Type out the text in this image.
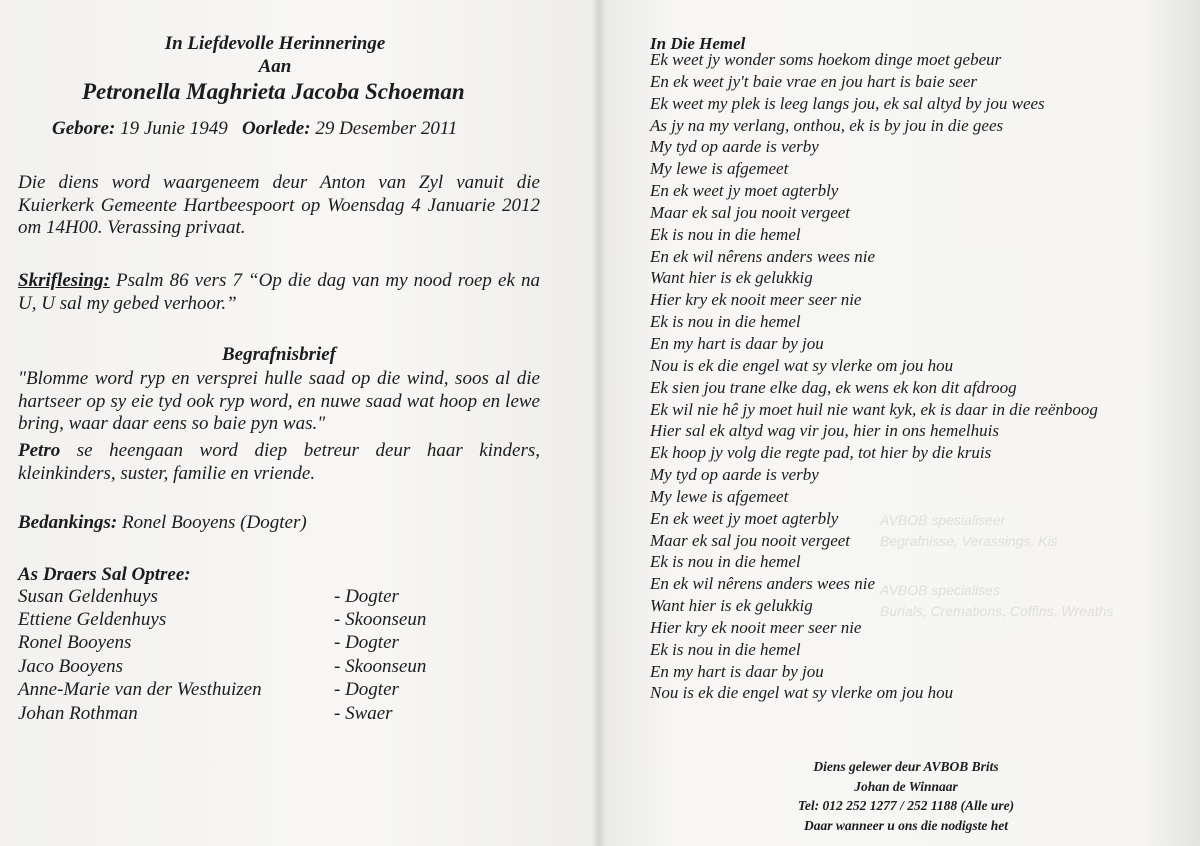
AVBOB spesialiseer
Begrafnisse, Verassings, Kis
AVBOB specialises
Burials, Cremations, Coffins, Wreaths

In Liefdevolle Herinneringe

Aan

Petronella Maghrieta Jacoba Schoeman

Gebore: 19 Junie 1949 Oorlede: 29 Desember 2011

Die diens word waargeneem deur Anton van Zyl vanuit die Kuierkerk Gemeente Hartbeespoort op Woensdag 4 Januarie 2012 om 14H00. Verassing privaat.

Skriflesing: Psalm 86 vers 7 “Op die dag van my nood roep ek na U, U sal my gebed verhoor.”

Begrafnisbrief

"Blomme word ryp en versprei hulle saad op die wind, soos al die hartseer op sy eie tyd ook ryp word, en nuwe saad wat hoop en lewe bring, waar daar eens so baie pyn was."

Petro se heengaan word diep betreur deur haar kinders, kleinkinders, suster, familie en vriende.

Bedankings: Ronel Booyens (Dogter)

As Draers Sal Optree:

Susan Geldenhuys	- Dogter

Ettiene Geldenhuys	- Skoonseun

Ronel Booyens	- Dogter

Jaco Booyens	- Skoonseun

Anne-Marie van der Westhuizen	- Dogter

Johan Rothman	- Swaer

In Die Hemel

Ek weet jy wonder soms hoekom dinge moet gebeur
En ek weet jy't baie vrae en jou hart is baie seer
Ek weet my plek is leeg langs jou, ek sal altyd by jou wees
As jy na my verlang, onthou, ek is by jou in die gees
My tyd op aarde is verby
My lewe is afgemeet
En ek weet jy moet agterbly
Maar ek sal jou nooit vergeet
Ek is nou in die hemel
En ek wil nêrens anders wees nie
Want hier is ek gelukkig
Hier kry ek nooit meer seer nie
Ek is nou in die hemel
En my hart is daar by jou
Nou is ek die engel wat sy vlerke om jou hou
Ek sien jou trane elke dag, ek wens ek kon dit afdroog
Ek wil nie hê jy moet huil nie want kyk, ek is daar in die reënboog
Hier sal ek altyd wag vir jou, hier in ons hemelhuis
Ek hoop jy volg die regte pad, tot hier by die kruis
My tyd op aarde is verby
My lewe is afgemeet
En ek weet jy moet agterbly
Maar ek sal jou nooit vergeet
Ek is nou in die hemel
En ek wil nêrens anders wees nie
Want hier is ek gelukkig
Hier kry ek nooit meer seer nie
Ek is nou in die hemel
En my hart is daar by jou
Nou is ek die engel wat sy vlerke om jou hou

Diens gelewer deur AVBOB Brits

Johan de Winnaar

Tel: 012 252 1277 / 252 1188 (Alle ure)

Daar wanneer u ons die nodigste het
